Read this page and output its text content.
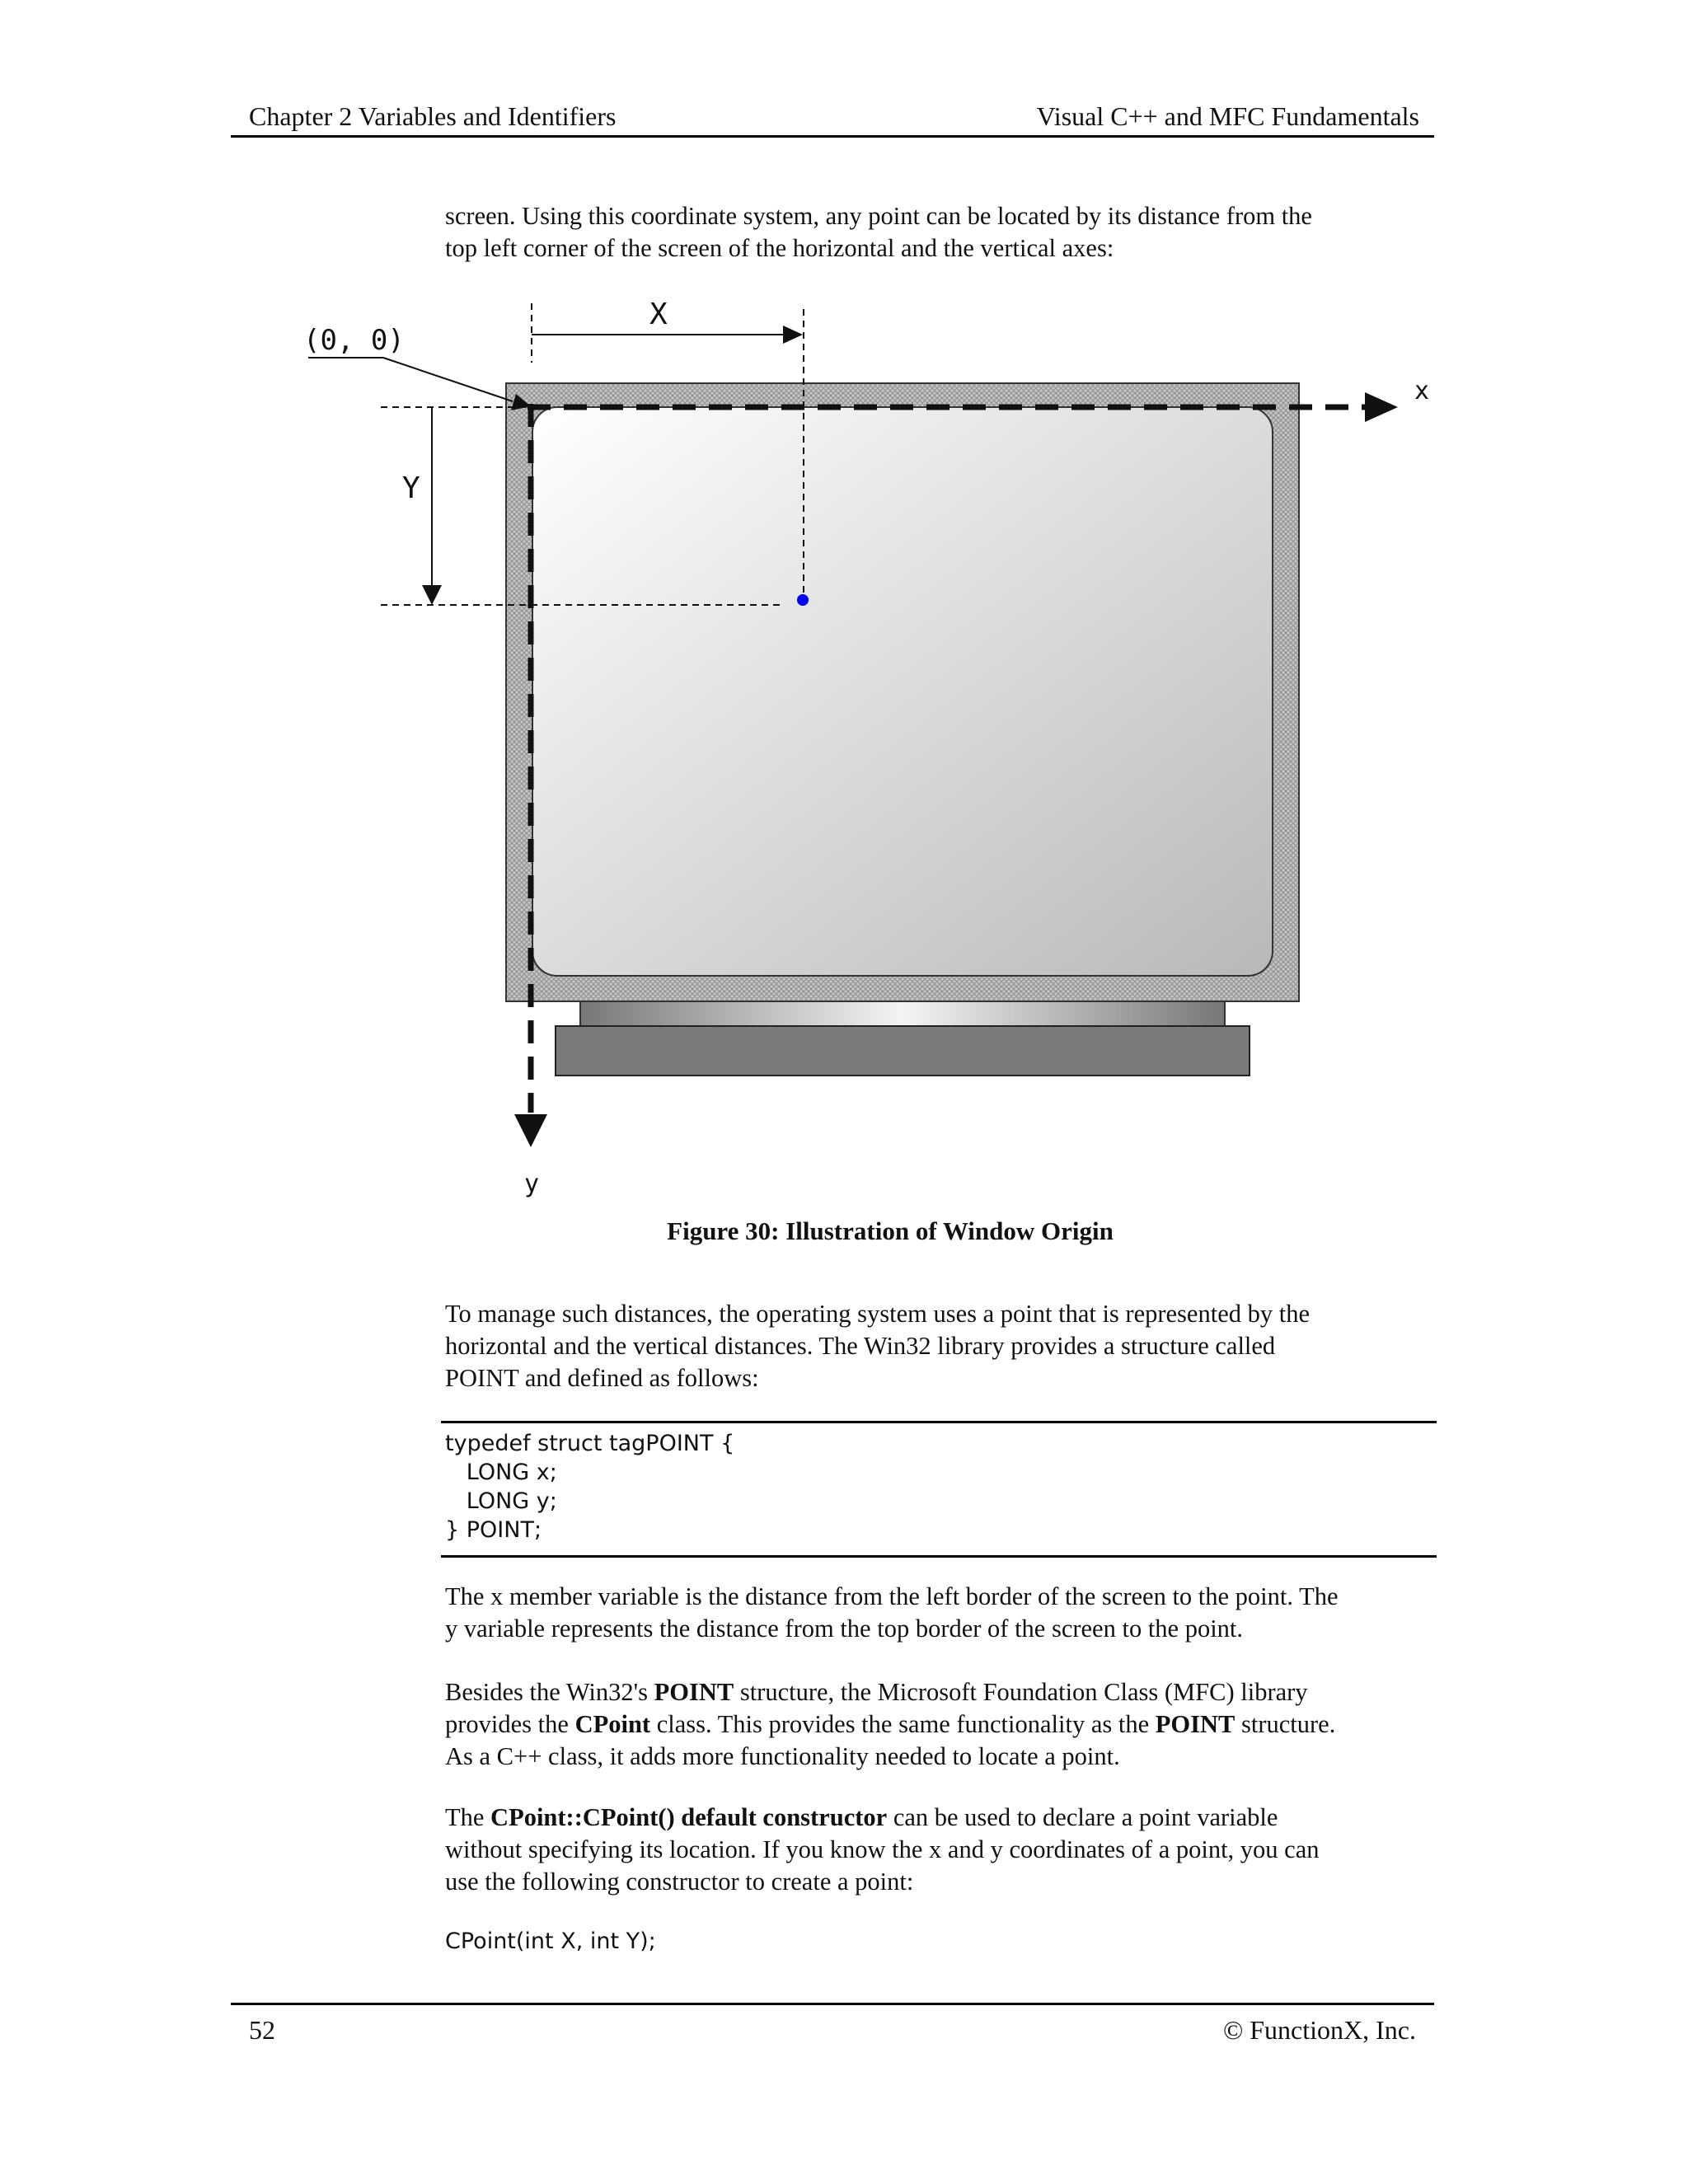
Chapter 2 Variables and Identifiers	Visual C++ and MFC Fundamentals

screen. Using this coordinate system, any point can be located by its distance from the
top left corner of the screen of the horizontal and the vertical axes:

(0, 0)
X
Y
x
y
Figure 30: Illustration of Window Origin

To manage such distances, the operating system uses a point that is represented by the
horizontal and the vertical distances. The Win32 library provides a structure called
POINT and defined as follows:

typedef struct tagPOINT {
LONG x;
LONG y;
} POINT;

The x member variable is the distance from the left border of the screen to the point. The
y variable represents the distance from the top border of the screen to the point.

Besides the Win32's POINT structure, the Microsoft Foundation Class (MFC) library
provides the CPoint class. This provides the same functionality as the POINT structure.
As a C++ class, it adds more functionality needed to locate a point.

The CPoint::CPoint() default constructor can be used to declare a point variable
without specifying its location. If you know the x and y coordinates of a point, you can
use the following constructor to create a point:

CPoint(int X, int Y);
52	© FunctionX, Inc.
